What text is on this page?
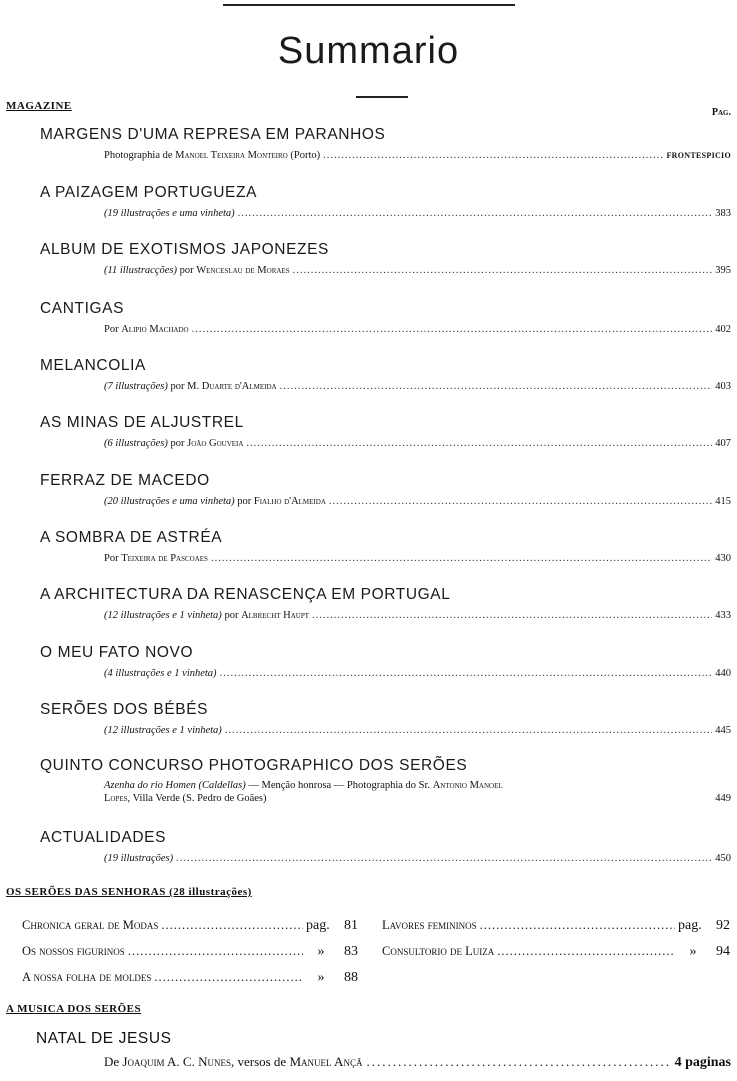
Summario
MAGAZINE
Pag.
MARGENS D'UMA REPRESA EM PARANHOS
Photographia de Manoel Teixeira Monteiro (Porto) .....	FRONTESPICIO
A PAIZAGEM PORTUGUEZA
(19 illustrações e uma vinheta) .....	383
ALBUM DE EXOTISMOS JAPONEZES
(11 illustracções) por Wenceslau de Moraes .....	395
CANTIGAS
Por Alipio Machado .....	402
MELANCOLIA
(7 illustrações) por M. Duarte d'Almeida .....	403
AS MINAS DE ALJUSTREL
(6 illustrações) por João Gouveia .....	407
FERRAZ DE MACEDO
(20 illustrações e uma vinheta) por Fialho d'Almeida .....	415
A SOMBRA DE ASTRÉA
Por Teixeira de Pascoaes .....	430
A ARCHITECTURA DA RENASCENÇA EM PORTUGAL
(12 illustrações e 1 vinheta) por Albrecht Haupt .....	433
O MEU FATO NOVO
(4 illustrações e 1 vinheta) .....	440
SERÕES DOS BÉBÉS
(12 illustrações e 1 vinheta) .....	445
QUINTO CONCURSO PHOTOGRAPHICO DOS SERÕES
Azenha do rio Homen (Caldellas) — Menção honrosa — Photographia do Sr. Antonio Manoel
Lopes, Villa Verde (S. Pedro de Goães)	449
ACTUALIDADES
(19 illustrações) .....	450
OS SERÕES DAS SENHORAS (28 illustrações)
Chronica geral de Modas .....	pag.	81
Os nossos figurinos .....	»	83
A nossa folha de moldes .....	»	88
Lavores femininos .....	pag.	92
Consultorio de Luiza .....	»	94
A MUSICA DOS SERÕES
NATAL DE JESUS
De Joaquim A. C. Nunes, versos de Manuel Ançã .....	4 paginas
